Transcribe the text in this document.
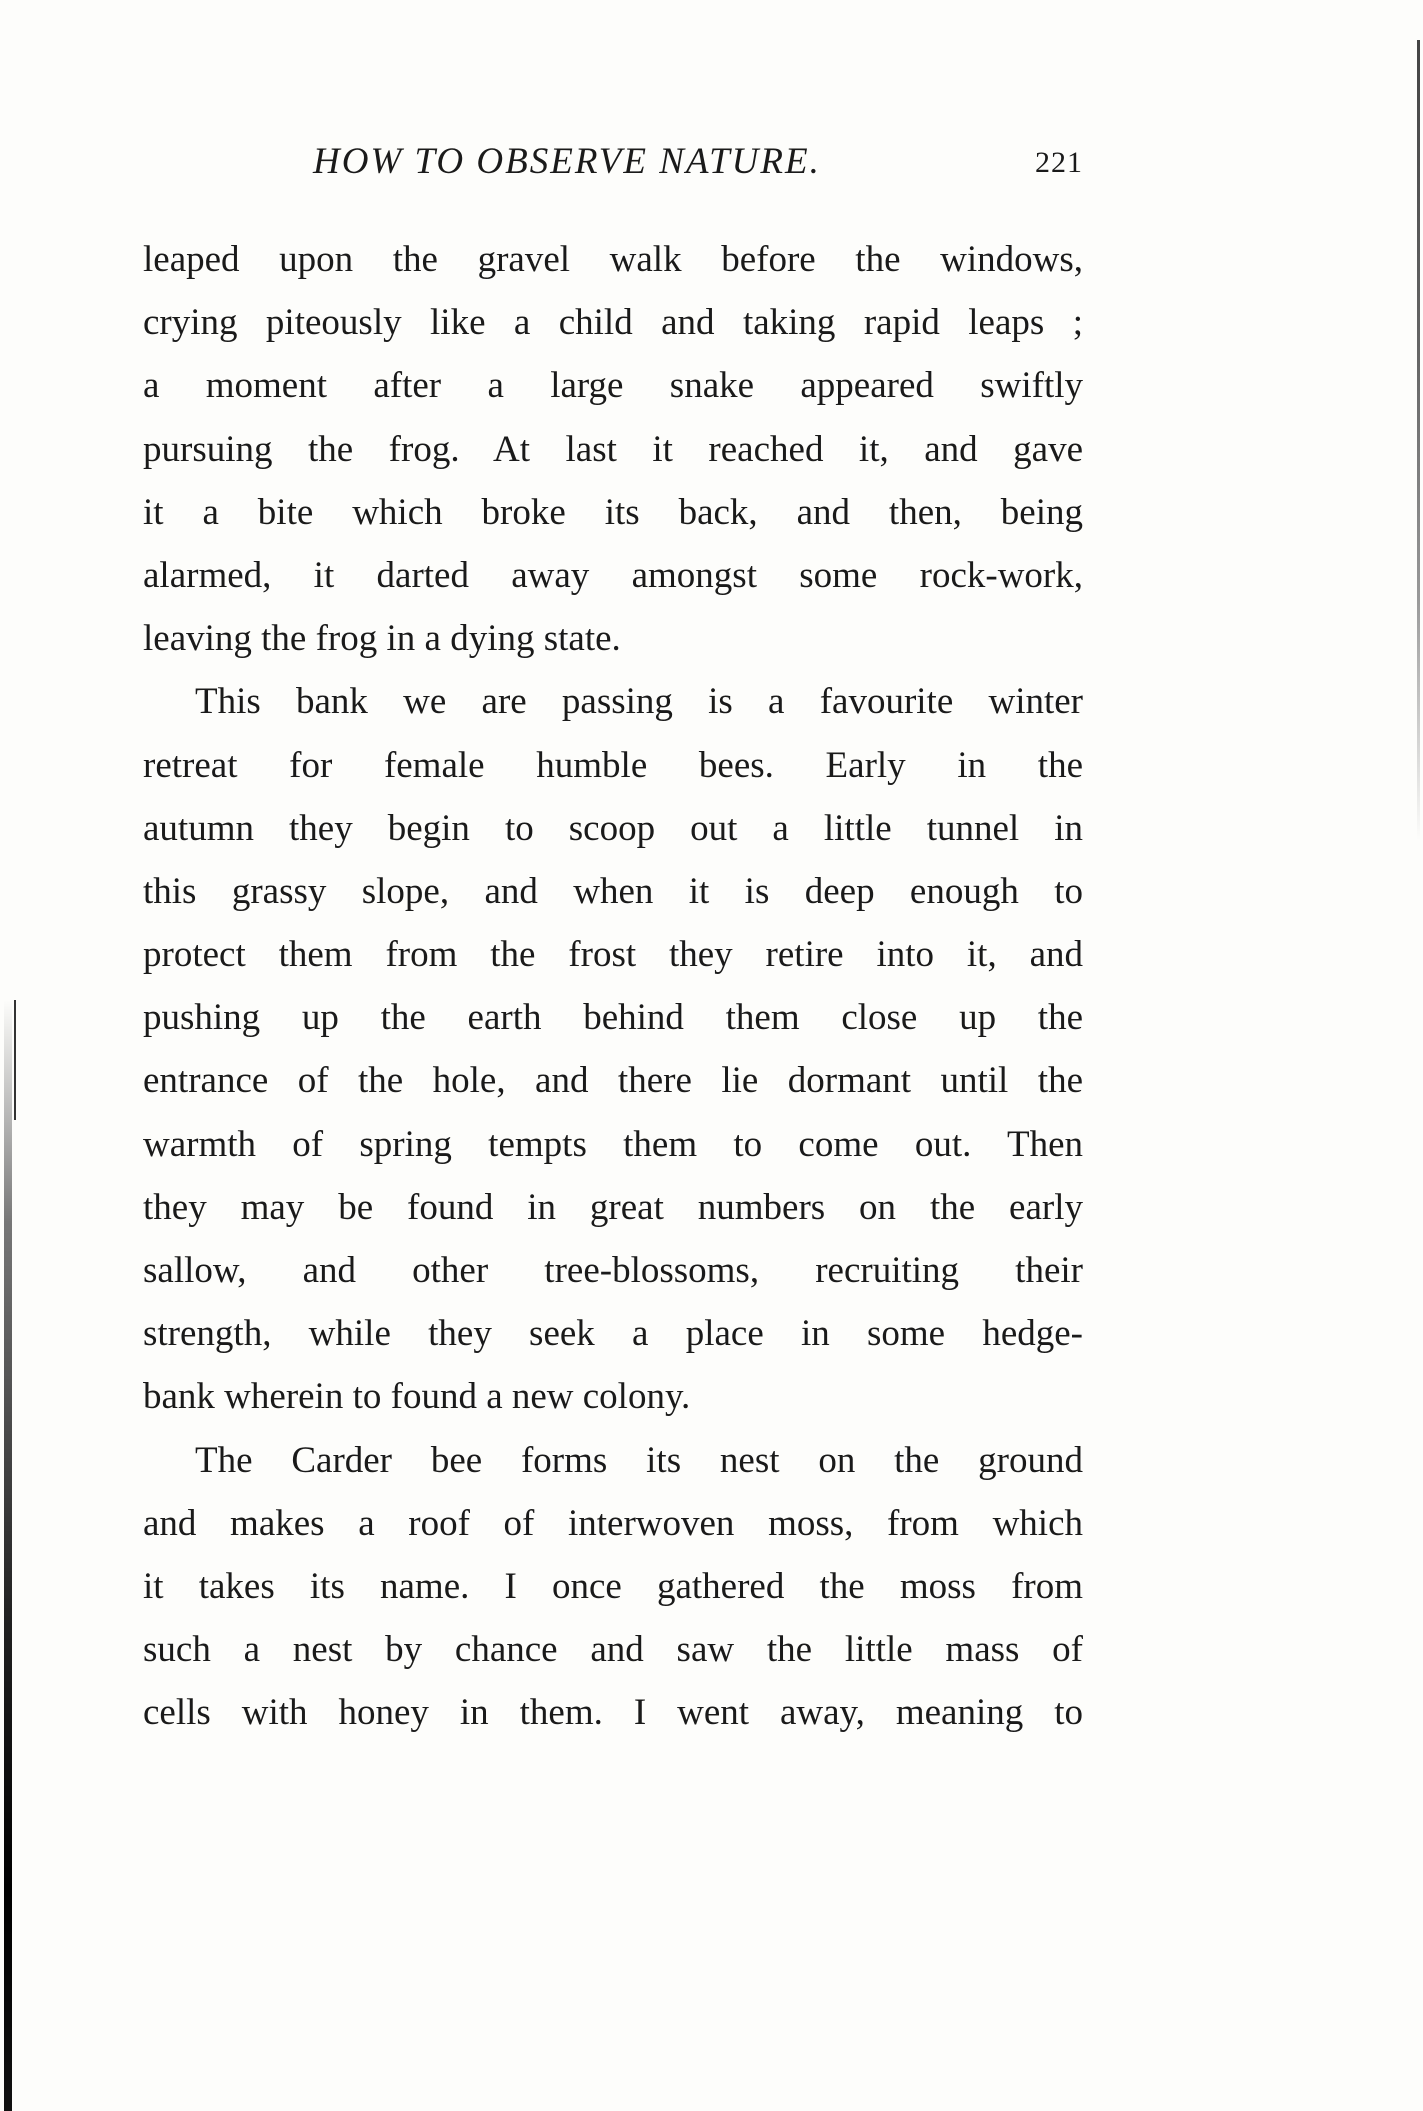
HOW TO OBSERVE NATURE.	221
leaped upon the gravel walk before the windows,
crying piteously like a child and taking rapid leaps ;
a moment after a large snake appeared swiftly
pursuing the frog. At last it reached it, and gave
it a bite which broke its back, and then, being
alarmed, it darted away amongst some rock-work,
leaving the frog in a dying state.
This bank we are passing is a favourite winter
retreat for female humble bees. Early in the
autumn they begin to scoop out a little tunnel in
this grassy slope, and when it is deep enough to
protect them from the frost they retire into it, and
pushing up the earth behind them close up the
entrance of the hole, and there lie dormant until the
warmth of spring tempts them to come out. Then
they may be found in great numbers on the early
sallow, and other tree-blossoms, recruiting their
strength, while they seek a place in some hedge-
bank wherein to found a new colony.
The Carder bee forms its nest on the ground
and makes a roof of interwoven moss, from which
it takes its name. I once gathered the moss from
such a nest by chance and saw the little mass of
cells with honey in them. I went away, meaning to
